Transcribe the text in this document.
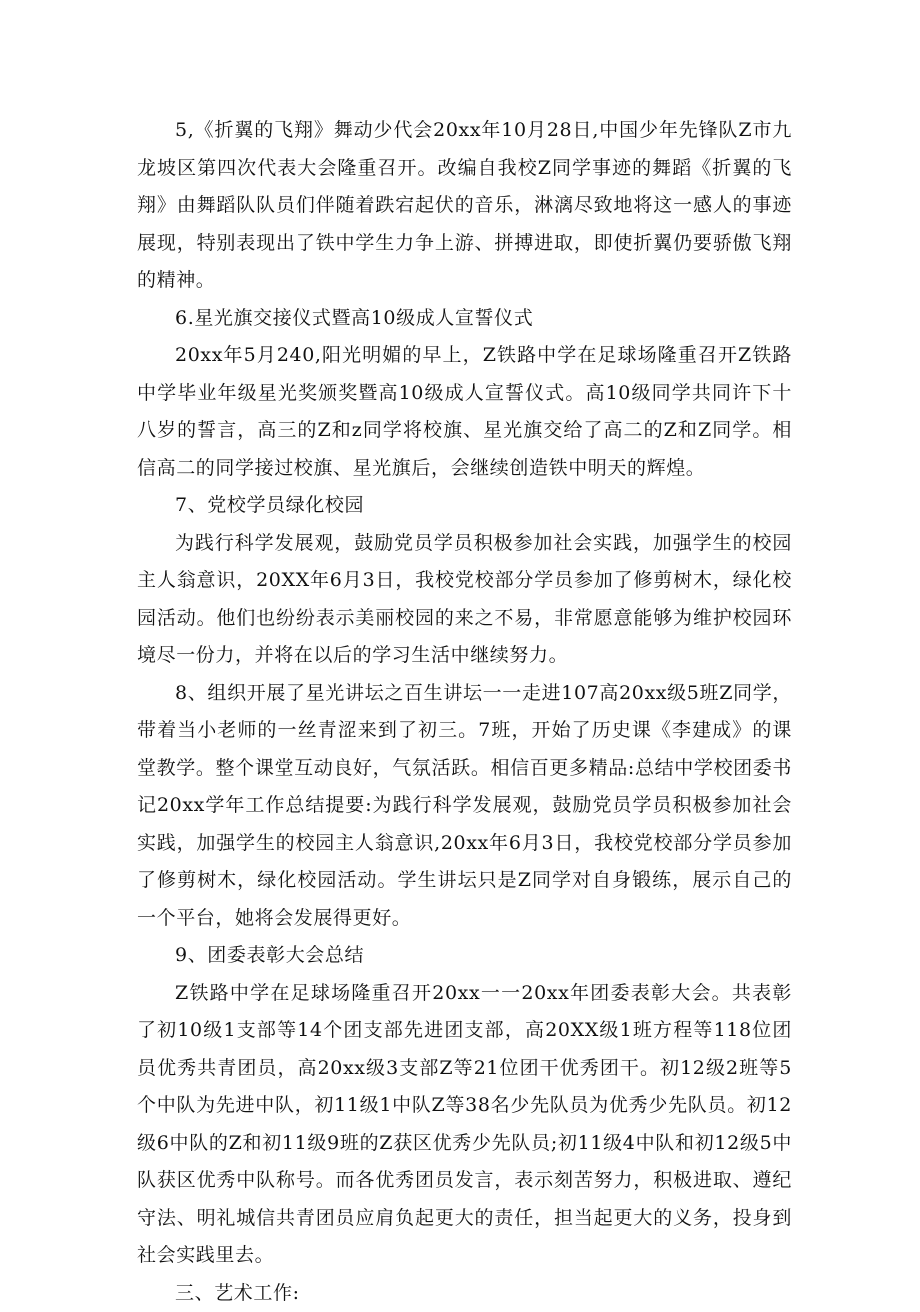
5,《折翼的飞翔》舞动少代会20xx年10月28日,中国少年先锋队Z市九龙坡区第四次代表大会隆重召开。改编自我校Z同学事迹的舞蹈《折翼的飞翔》由舞蹈队队员们伴随着跌宕起伏的音乐，淋漓尽致地将这一感人的事迹展现，特别表现出了铁中学生力争上游、拼搏进取，即使折翼仍要骄傲飞翔的精神。

6.星光旗交接仪式暨高10级成人宣誓仪式

20xx年5月240,阳光明媚的早上，Z铁路中学在足球场隆重召开Z铁路中学毕业年级星光奖颁奖暨高10级成人宣誓仪式。高10级同学共同许下十八岁的誓言，高三的Z和z同学将校旗、星光旗交给了高二的Z和Z同学。相信高二的同学接过校旗、星光旗后，会继续创造铁中明天的辉煌。

7、党校学员绿化校园

为践行科学发展观，鼓励党员学员积极参加社会实践，加强学生的校园主人翁意识，20XX年6月3日，我校党校部分学员参加了修剪树木，绿化校园活动。他们也纷纷表示美丽校园的来之不易，非常愿意能够为维护校园环境尽一份力，并将在以后的学习生活中继续努力。

8、组织开展了星光讲坛之百生讲坛一一走进107高20xx级5班Z同学，带着当小老师的一丝青涩来到了初三。7班，开始了历史课《李建成》的课堂教学。整个课堂互动良好，气氛活跃。相信百更多精品:总结中学校团委书记20xx学年工作总结提要:为践行科学发展观，鼓励党员学员积极参加社会实践，加强学生的校园主人翁意识,20xx年6月3日，我校党校部分学员参加了修剪树木，绿化校园活动。学生讲坛只是Z同学对自身锻练，展示自己的一个平台，她将会发展得更好。

9、团委表彰大会总结

Z铁路中学在足球场隆重召开20xx一一20xx年团委表彰大会。共表彰了初10级1支部等14个团支部先进团支部，高20XX级1班方程等118位团员优秀共青团员，高20xx级3支部Z等21位团干优秀团干。初12级2班等5个中队为先进中队，初11级1中队Z等38名少先队员为优秀少先队员。初12级6中队的Z和初11级9班的Z获区优秀少先队员;初11级4中队和初12级5中队获区优秀中队称号。而各优秀团员发言，表示刻苦努力，积极进取、遵纪守法、明礼城信共青团员应肩负起更大的责任，担当起更大的义务，投身到社会实践里去。

三、艺术工作:
